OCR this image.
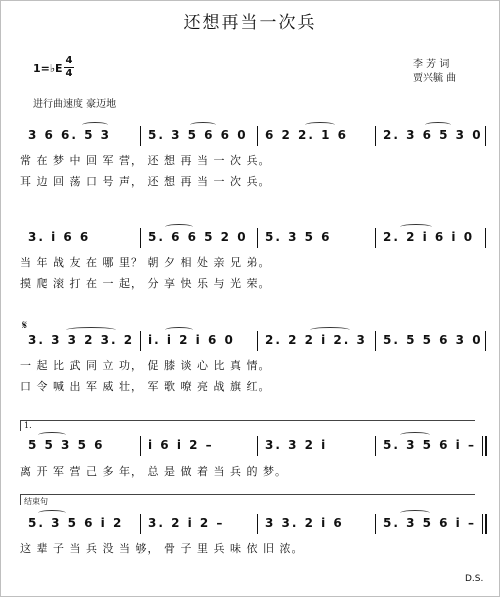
还想再当一次兵
1=♭E
4
4
李 芳 词
贾兴毓 曲
进行曲速度 豪迈地
3 6 6. 5 3	5. 3 5 6 6 0 6 2 2. 1 6	2. 3 6 5 3 0
常 在 梦 中 回 军 营， 还 想 再 当 一 次 兵。
耳 边 回 荡 口 号 声， 还 想 再 当 一 次 兵。
3. i 6 6	5. 6 6 5 2 0 5. 3 5 6	2. 2 i 6 i 0
当 年 战 友 在 哪 里？ 朝 夕 相 处 亲 兄 弟。
摸 爬 滚 打 在 一 起， 分 享 快 乐 与 光 荣。
𝄋
3. 3 3 2 3. 2 i. i 2 i 6 0	2. 2 2 i 2. 3 5. 5 5 6 3 0
一 起 比 武 同 立 功， 促 膝 谈 心 比 真 情。
口 令 喊 出 军 威 壮， 军 歌 嘹 亮 战 旗 红。
1.
5 5 3 5 6	i 6 i 2 –	3. 3 2 i	5. 3 5 6 i –
离 开 军 营 己 多 年， 总 是 做 着 当 兵 的 梦。
结束句
5. 3 5 6 i 2 3. 2 i 2 –	3 3. 2 i 6	5. 3 5 6 i –
这 辈 子 当 兵 没 当 够， 骨 子 里 兵 味 依 旧 浓。
D.S.
